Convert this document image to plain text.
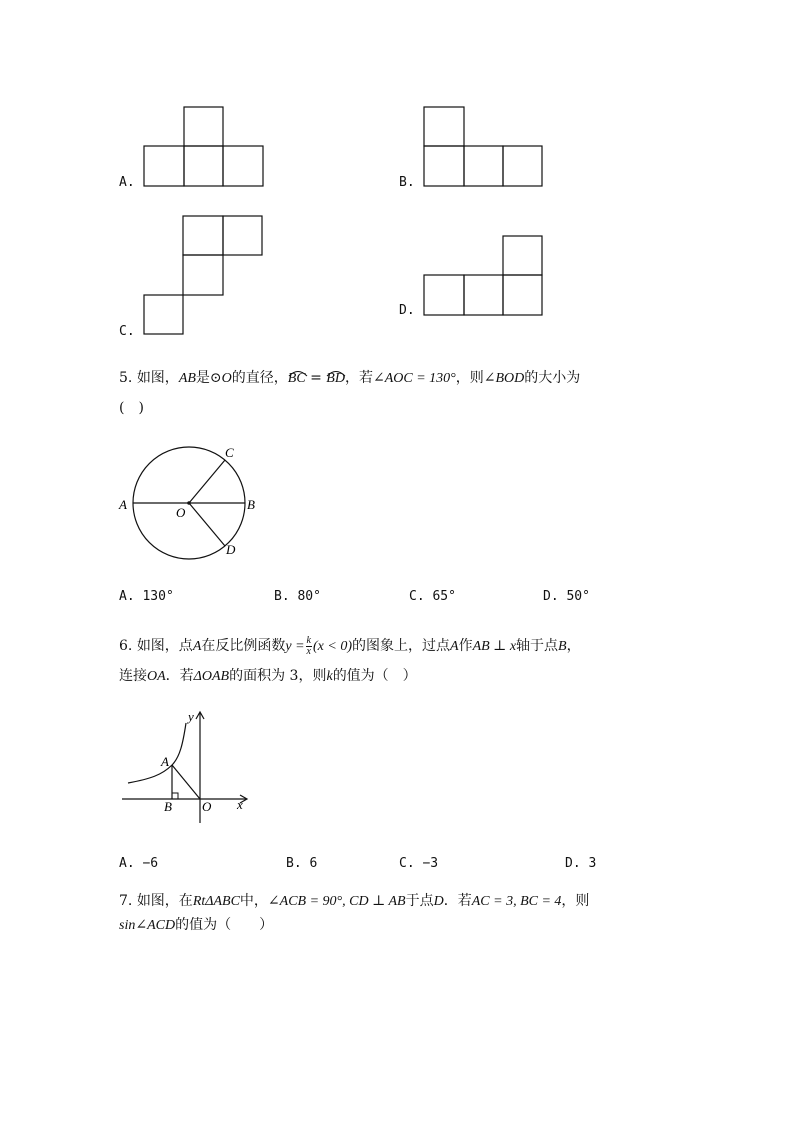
A.	B.
C.
D.
5. 如图，AB是⊙O的直径，
BC =
BD，若∠AOC = 130°，则∠BOD的大小为
(　)
A	B
C
D
O
A. 130°	B. 80°	C. 65°	D. 50°
6. 如图，点A在反比例函数$y = \frac{k}{x} (x < 0)$的图象上，过点A作AB ⊥ x轴于点B，
连接OA．若ΔOAB的面积为 3，则k的值为（　）
y
x
A
B O
A. −6	B. 6	C. −3	D. 3
7. 如图，在RtΔABC中，∠ACB = 90°, CD ⊥ AB于点D．若AC = 3, BC = 4，则
sin∠ACD的值为（　　）
